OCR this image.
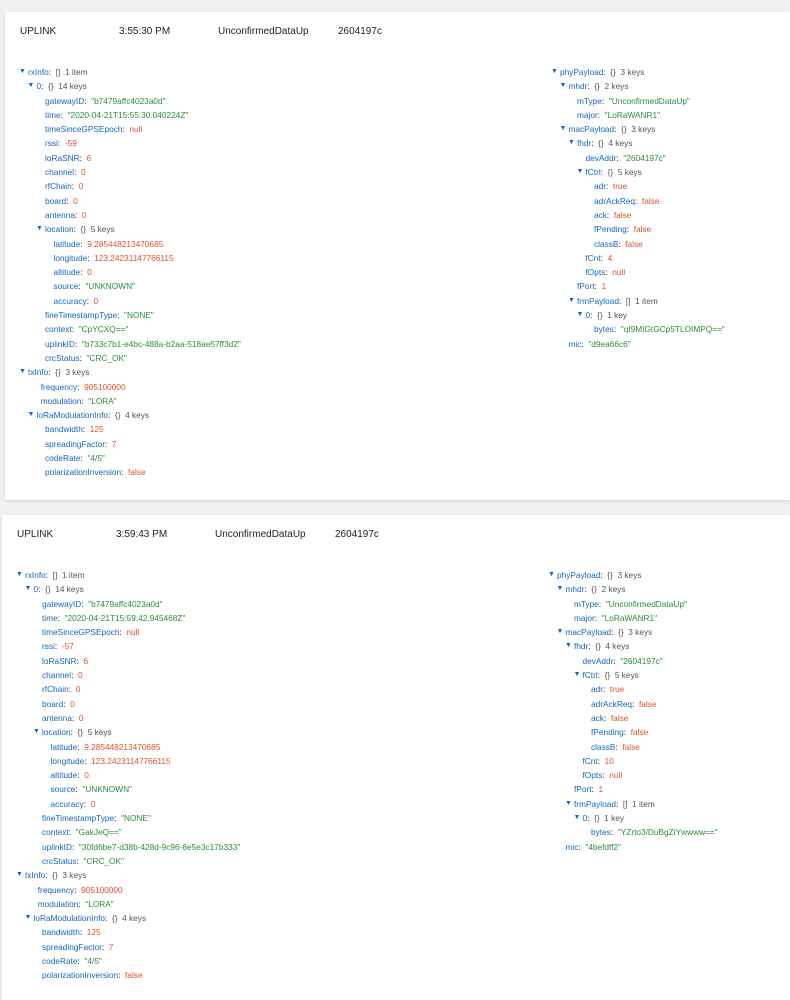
UPLINK	3:55:30 PM	UnconfirmedDataUp	2604197c
▼ rxInfo:  [] 1 item
▼ 0:  {} 14 keys
gatewayID:  "b7479affc4023a0d"
time:  "2020-04-21T15:55:30.040224Z"
timeSinceGPSEpoch:  null
rssi:  -59
loRaSNR:  6
channel:  0
rfChain:  0
board:  0
antenna:  0
▼ location:  {} 5 keys
latitude:  9.285448213470685
longitude:  123.24231147766115
altitude:  0
source:  "UNKNOWN"
accuracy:  0
fineTimestampType:  "NONE"
context:  "CpYCXQ=="
uplinkID:  "b733c7b1-e4bc-488a-b2aa-518ae57ff3d2"
crcStatus:  "CRC_OK"
▼ txInfo:  {} 3 keys
frequency:  905100000
modulation:  "LORA"
▼ loRaModulationInfo:  {} 4 keys
bandwidth:  125
spreadingFactor:  7
codeRate:  "4/5"
polarizationInversion:  false
▼ phyPayload:  {} 3 keys
▼ mhdr:  {} 2 keys
mType:  "UnconfirmedDataUp"
major:  "LoRaWANR1"
▼ macPayload:  {} 3 keys
▼ fhdr:  {} 4 keys
devAddr:  "2604197c"
▼ fCtrl:  {} 5 keys
adr:  true
adrAckReq:  false
ack:  false
fPending:  false
classB:  false
fCnt:  4
fOpts:  null
fPort:  1
▼ frmPayload:  [] 1 item
▼ 0:  {} 1 key
bytes:  "qI9MIGtGCp5TLOIMPQ=="
mic:  "d9ea66c6"
UPLINK	3:59:43 PM	UnconfirmedDataUp	2604197c
▼ rxInfo:  [] 1 item
▼ 0:  {} 14 keys
gatewayID:  "b7479affc4023a0d"
time:  "2020-04-21T15:59:42.945468Z"
timeSinceGPSEpoch:  null
rssi:  -57
loRaSNR:  6
channel:  0
rfChain:  0
board:  0
antenna:  0
▼ location:  {} 5 keys
latitude:  9.285448213470685
longitude:  123.24231147766115
altitude:  0
source:  "UNKNOWN"
accuracy:  0
fineTimestampType:  "NONE"
context:  "GakJeQ=="
uplinkID:  "30fd6be7-d38b-428d-9c96-6e5e3c17b333"
crcStatus:  "CRC_OK"
▼ txInfo:  {} 3 keys
frequency:  905100000
modulation:  "LORA"
▼ loRaModulationInfo:  {} 4 keys
bandwidth:  125
spreadingFactor:  7
codeRate:  "4/5"
polarizationInversion:  false
▼ phyPayload:  {} 3 keys
▼ mhdr:  {} 2 keys
mType:  "UnconfirmedDataUp"
major:  "LoRaWANR1"
▼ macPayload:  {} 3 keys
▼ fhdr:  {} 4 keys
devAddr:  "2604197c"
▼ fCtrl:  {} 5 keys
adr:  true
adrAckReq:  false
ack:  false
fPending:  false
classB:  false
fCnt:  10
fOpts:  null
fPort:  1
▼ frmPayload:  [] 1 item
▼ 0:  {} 1 key
bytes:  "YZrto3/DuBgZiYwwww=="
mic:  "4befdff2"
